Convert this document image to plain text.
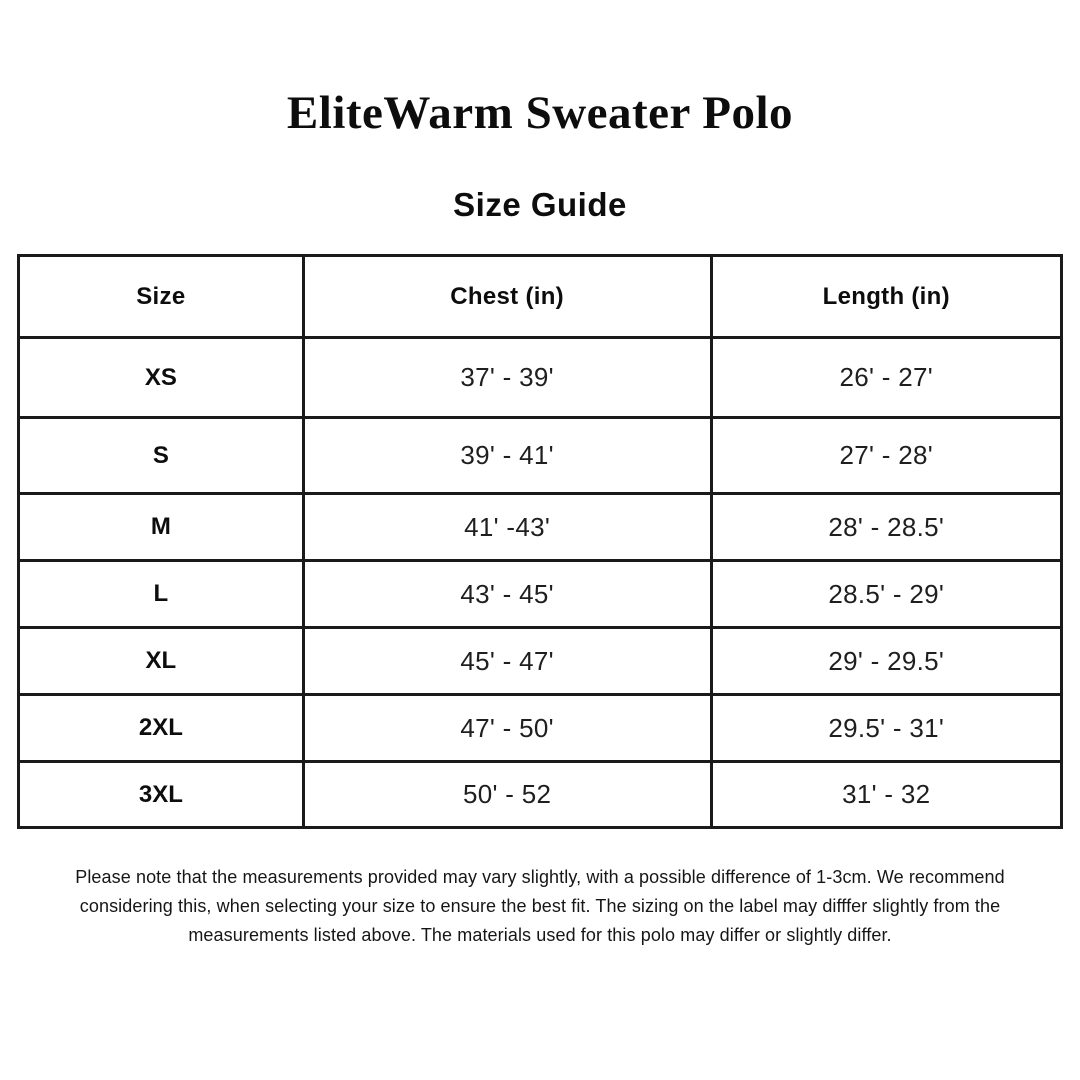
EliteWarm Sweater Polo
Size Guide
Size	Chest (in)	Length (in)
XS	37' - 39'	26' - 27'
S	39' - 41'	27' - 28'
M	41' -43'	28' - 28.5'
L	43' - 45'	28.5' - 29'
XL	45' - 47'	29' - 29.5'
2XL	47' - 50'	29.5' - 31'
3XL	50' - 52	31' - 32

Please note that the measurements provided may vary slightly, with a possible difference of 1-3cm. We recommend considering this, when selecting your size to ensure the best fit. The sizing on the label may difffer slightly from the measurements listed above. The materials used for this polo may differ or slightly differ.
